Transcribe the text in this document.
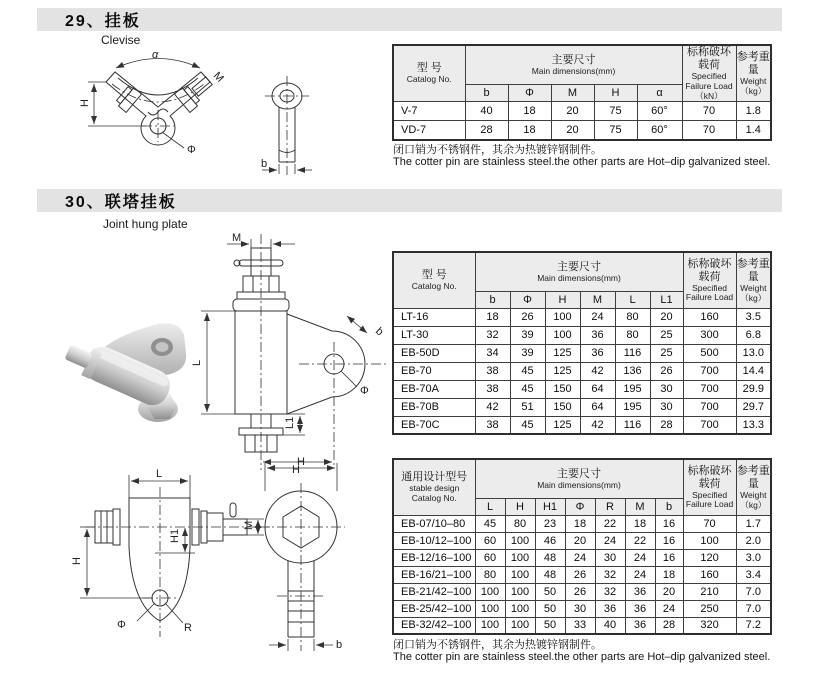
29、挂板
Clevise
α
M
H
Φ
b
型 号
Catalog No.

主要尺寸
Main dimensions(mm)

标称破坏载荷
Specified Failure Load
（kN）

参考重量
Weight
（kg）

	b	Φ	M	H	α		
V-7	40	18	20	75	60°	70	1.8
VD-7	28	18	20	75	60°	70	1.4
闭口销为不锈钢件，其余为热镀锌钢制件。
The cotter pin are stainless steel.the other parts are Hot–dip galvanized steel.
30、联塔挂板
Joint hung plate
M
Φ
b
L
L1
H
型 号
Catalog No.

主要尺寸
Main dimensions(mm)

标称破坏载荷
Specified Failure Load

参考重量
Weight
（kg）

	b	Φ	H	M	L	L1		
LT-16	18	26	100	24	80	20	160	3.5
LT-30	32	39	100	36	80	25	300	6.8
EB-50D	34	39	125	36	116	25	500	13.0
EB-70	38	45	125	42	136	26	700	14.4
EB-70A	38	45	150	64	195	30	700	29.9
EB-70B	42	51	150	64	195	30	700	29.7
EB-70C	38	45	125	42	116	28	700	13.3
L
M
H1
H
Φ	R
H
b
通用设计型号
stable design Catalog No.

主要尺寸
Main dimensions(mm)

标称破坏载荷
Specified Failure Load

参考重量
Weight
（kg）

	L	H	H1	Φ	R	M	b		
EB-07/10–80	45	80	23	18	22	18	16	70	1.7
EB-10/12–100	60	100	46	20	24	22	16	100	2.0
EB-12/16–100	60	100	48	24	30	24	16	120	3.0
EB-16/21–100	80	100	48	26	32	24	18	160	3.4
EB-21/42–100	100	100	50	26	32	36	20	210	7.0
EB-25/42–100	100	100	50	30	36	36	24	250	7.0
EB-32/42–100	100	100	50	33	40	36	28	320	7.2
闭口销为不锈钢件，其余为热镀锌钢制件。
The cotter pin are stainless steel.the other parts are Hot–dip galvanized steel.
